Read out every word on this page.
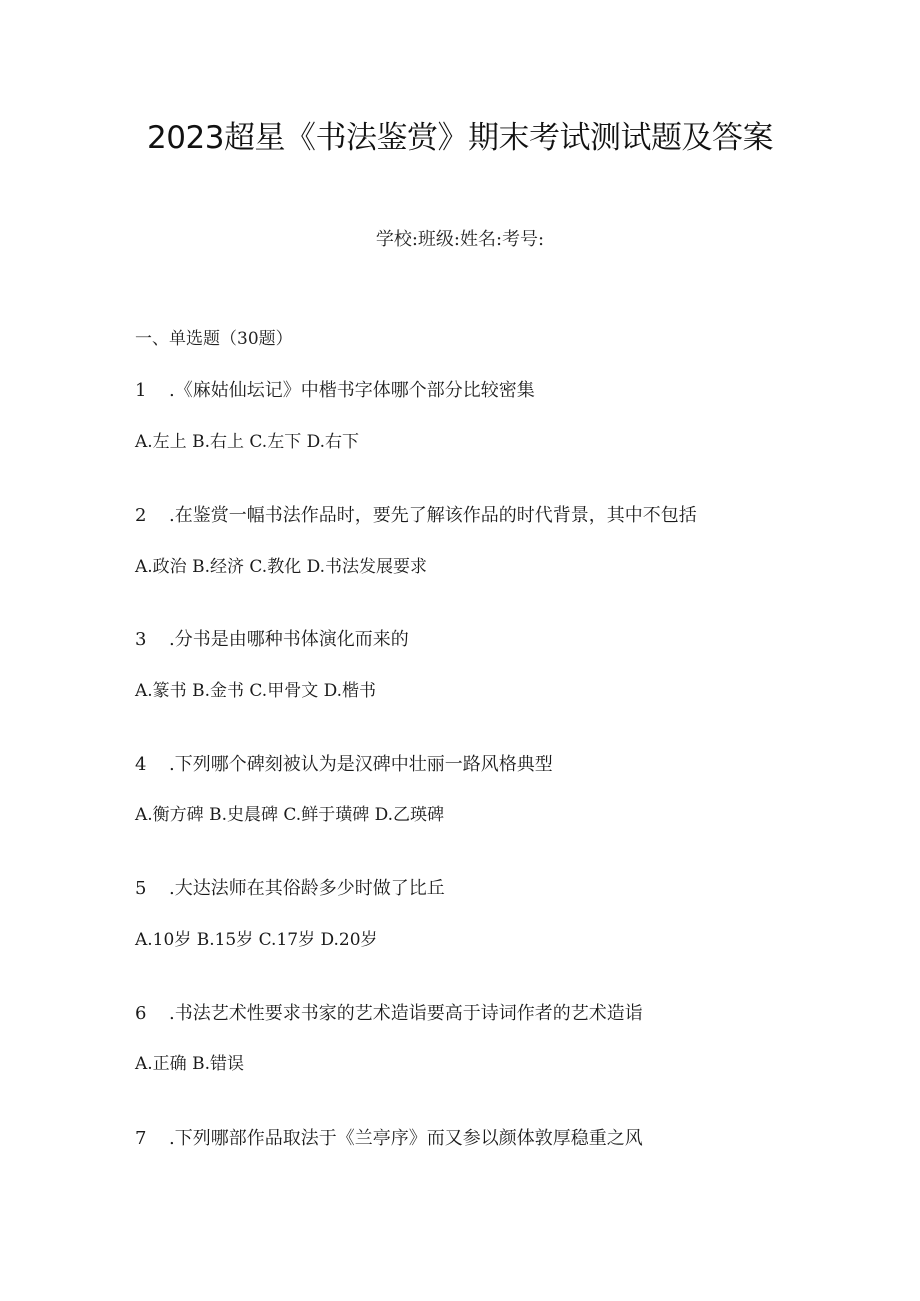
2023超星《书法鉴赏》期末考试测试题及答案
学校:班级:姓名:考号:
一、单选题（30题）
1 .《麻姑仙坛记》中楷书字体哪个部分比较密集
A.左上 B.右上 C.左下 D.右下
2 .在鉴赏一幅书法作品时，要先了解该作品的时代背景，其中不包括
A.政治 B.经济 C.教化 D.书法发展要求
3 .分书是由哪种书体演化而来的
A.篆书 B.金书 C.甲骨文 D.楷书
4 .下列哪个碑刻被认为是汉碑中壮丽一路风格典型
A.衡方碑 B.史晨碑 C.鲜于璜碑 D.乙瑛碑
5 .大达法师在其俗龄多少时做了比丘
A.10岁 B.15岁 C.17岁 D.20岁
6 .书法艺术性要求书家的艺术造诣要高于诗词作者的艺术造诣
A.正确 B.错误
7 .下列哪部作品取法于《兰亭序》而又参以颜体敦厚稳重之风
